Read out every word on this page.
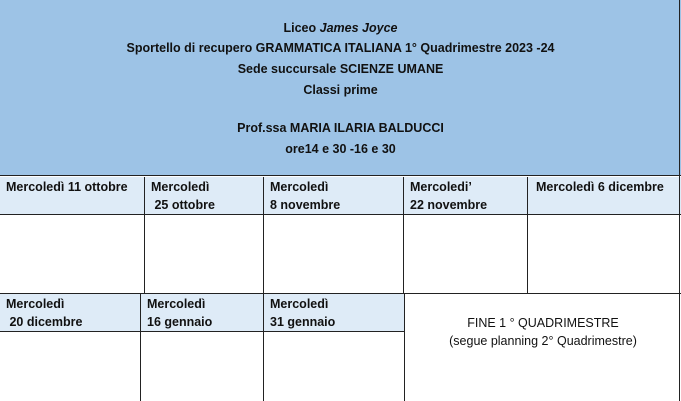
Liceo James Joyce
Sportello di recupero GRAMMATICA ITALIANA 1° Quadrimestre 2023 -24
Sede succursale SCIENZE UMANE
Classi prime
Prof.ssa MARIA ILARIA BALDUCCI
ore14 e 30 -16 e 30
Mercoledì 11 ottobre	Mercoledì
25 ottobre
Mercoledì
8 novembre
Mercoledi’
22 novembre
Mercoledì 6 dicembre
Mercoledì
20 dicembre
Mercoledì
16 gennaio
Mercoledì
31 gennaio	FINE 1 ° QUADRIMESTRE
(segue planning 2° Quadrimestre)
